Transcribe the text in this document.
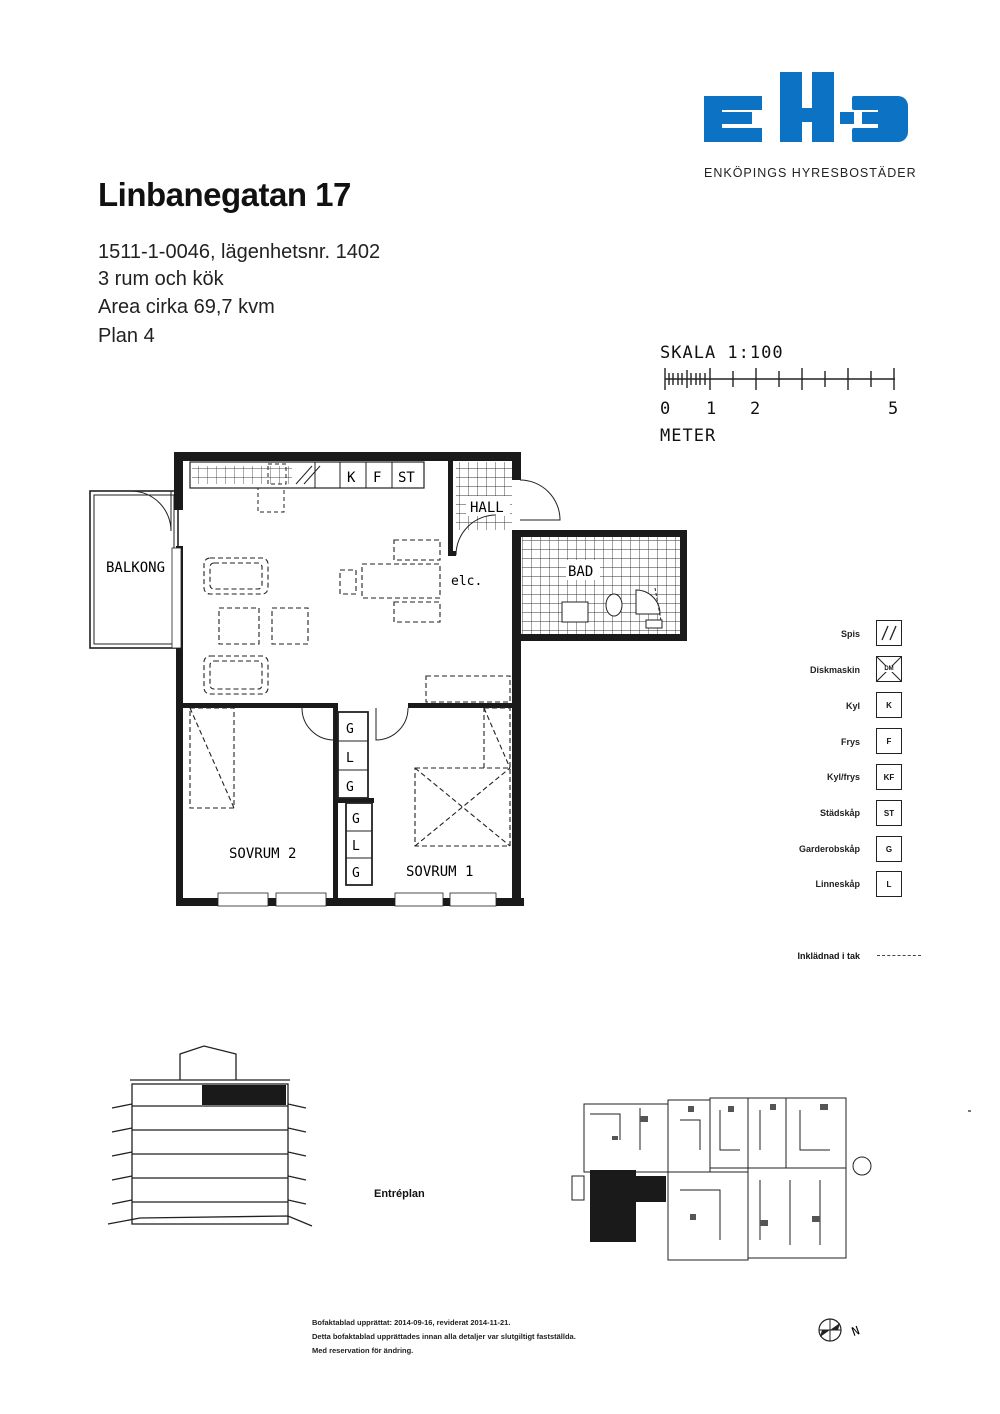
ENKÖPINGS HYRESBOSTÄDER
Linbanegatan 17
1511-1-0046, lägenhetsnr. 1402
3 rum och kök
Area cirka 69,7 kvm
Plan 4
SKALA 1:100
0 1 2	5
METER
K F ST
HALL
elc.
BAD
G
L
G
G
L
G
BALKONG
SOVRUM 2
SOVRUM 1
Spis
Diskmaskin	DM
Kyl	K
Frys	F
Kyl/frys	KF
Städskåp	ST
Garderobskåp	G
Linneskåp	L
Inklädnad i tak
Entréplan
Bofaktablad upprättat: 2014-09-16, reviderat 2014-11-21.
Detta bofaktablad upprättades innan alla detaljer var slutgiltigt fastställda.
Med reservation för ändring.
N
